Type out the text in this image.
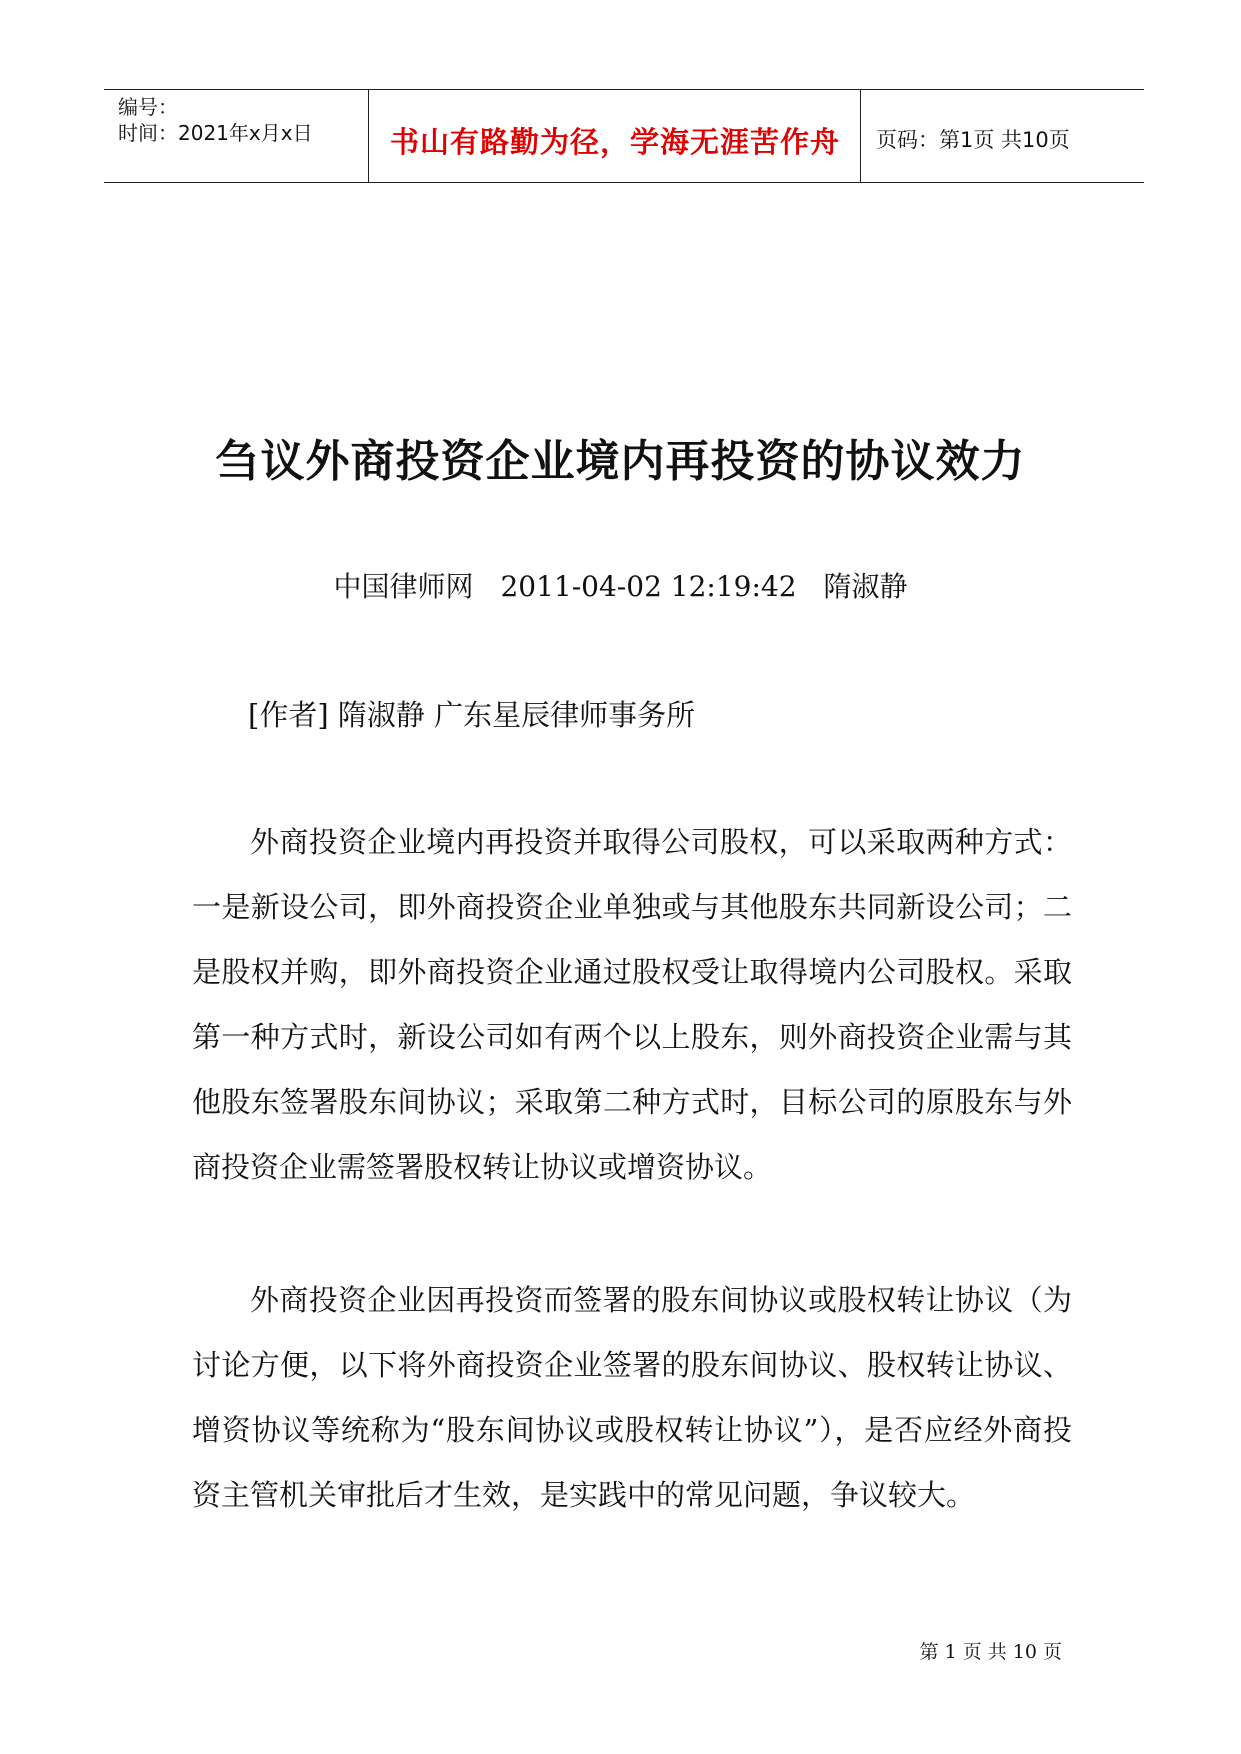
编号：
时间：2021年x月x日	书山有路勤为径，学海无涯苦作舟	页码：第1页 共10页
刍议外商投资企业境内再投资的协议效力
中国律师网 2011-04-02 12:19:42 隋淑静
[作者] 隋淑静 广东星辰律师事务所
外商投资企业境内再投资并取得公司股权，可以采取两种方式：一是新设公司，即外商投资企业单独或与其他股东共同新设公司；二是股权并购，即外商投资企业通过股权受让取得境内公司股权。采取第一种方式时，新设公司如有两个以上股东，则外商投资企业需与其他股东签署股东间协议；采取第二种方式时，目标公司的原股东与外商投资企业需签署股权转让协议或增资协议。
外商投资企业因再投资而签署的股东间协议或股权转让协议（为讨论方便，以下将外商投资企业签署的股东间协议、股权转让协议、增资协议等统称为“股东间协议或股权转让协议”），是否应经外商投资主管机关审批后才生效，是实践中的常见问题，争议较大。
第 1 页 共 10 页
